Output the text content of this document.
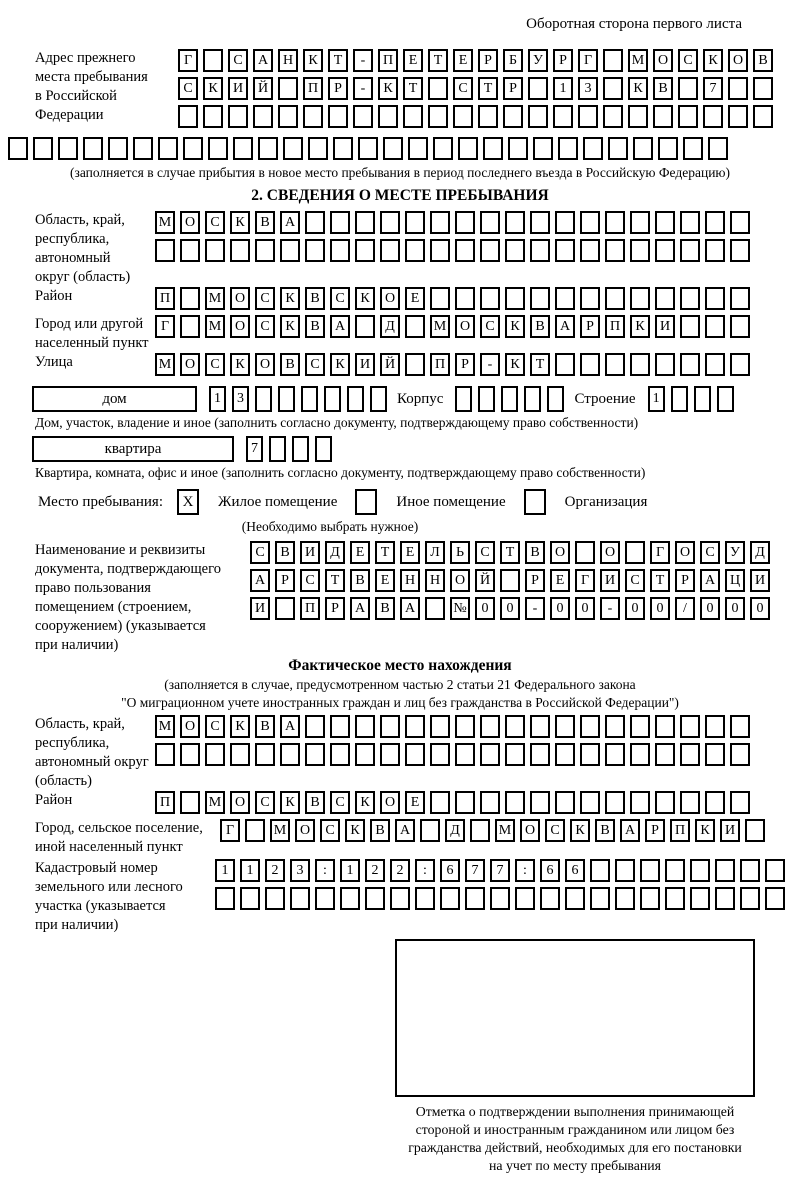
Оборотная сторона первого листа
Адрес прежнего
места пребывания
в Российской
Федерации
Г	С А Н К Т - П Е Т Е Р Б У Р Г	М О С К О В
С К И Й	П Р - К Т	С Т Р	1 3	К В	7
(заполняется в случае прибытия в новое место пребывания в период последнего въезда в Российскую Федерацию)
2. СВЕДЕНИЯ О МЕСТЕ ПРЕБЫВАНИЯ
Область, край,
республика,
автономный
округ (область)
М О С К В А
Район	П	М О С К В С К О Е
Город или другой
населенный пункт
Г	М О С К В А	Д	М О С К В А Р П К И
Улица	М О С К О В С К И Й	П Р - К Т
дом	1 3	Корпус	Строение 1
Дом, участок, владение и иное (заполнить согласно документу, подтверждающему право собственности)
квартира	7
Квартира, комната, офис и иное (заполнить согласно документу, подтверждающему право собственности)
Место пребывания: X Жилое помещение	Иное помещение	Организация
(Необходимо выбрать нужное)
Наименование и реквизиты
документа, подтверждающего
право пользования
помещением (строением,
сооружением) (указывается
при наличии)
С В И Д Е Т Е Л Ь С Т В О	О	Г О С У Д
А Р С Т В Е Н Н О Й	Р Е Г И С Т Р А Ц И
И	П Р А В А	№ 0 0 - 0 0 - 0 0 / 0 0 0
Фактическое место нахождения
(заполняется в случае, предусмотренном частью 2 статьи 21 Федерального закона
"О миграционном учете иностранных граждан и лиц без гражданства в Российской Федерации")
Область, край,
республика,
автономный округ
(область)
М О С К В А
Район	П	М О С К В С К О Е
Город, сельское поселение,
иной населенный пункт
Г	М О С К В А	Д	М О С К В А Р П К И
Кадастровый номер
земельного или лесного
участка (указывается
при наличии)
1 1 2 3 : 1 2 2 : 6 7 7 : 6 6
Отметка о подтверждении выполнения принимающей
стороной и иностранным гражданином или лицом без
гражданства действий, необходимых для его постановки
на учет по месту пребывания
